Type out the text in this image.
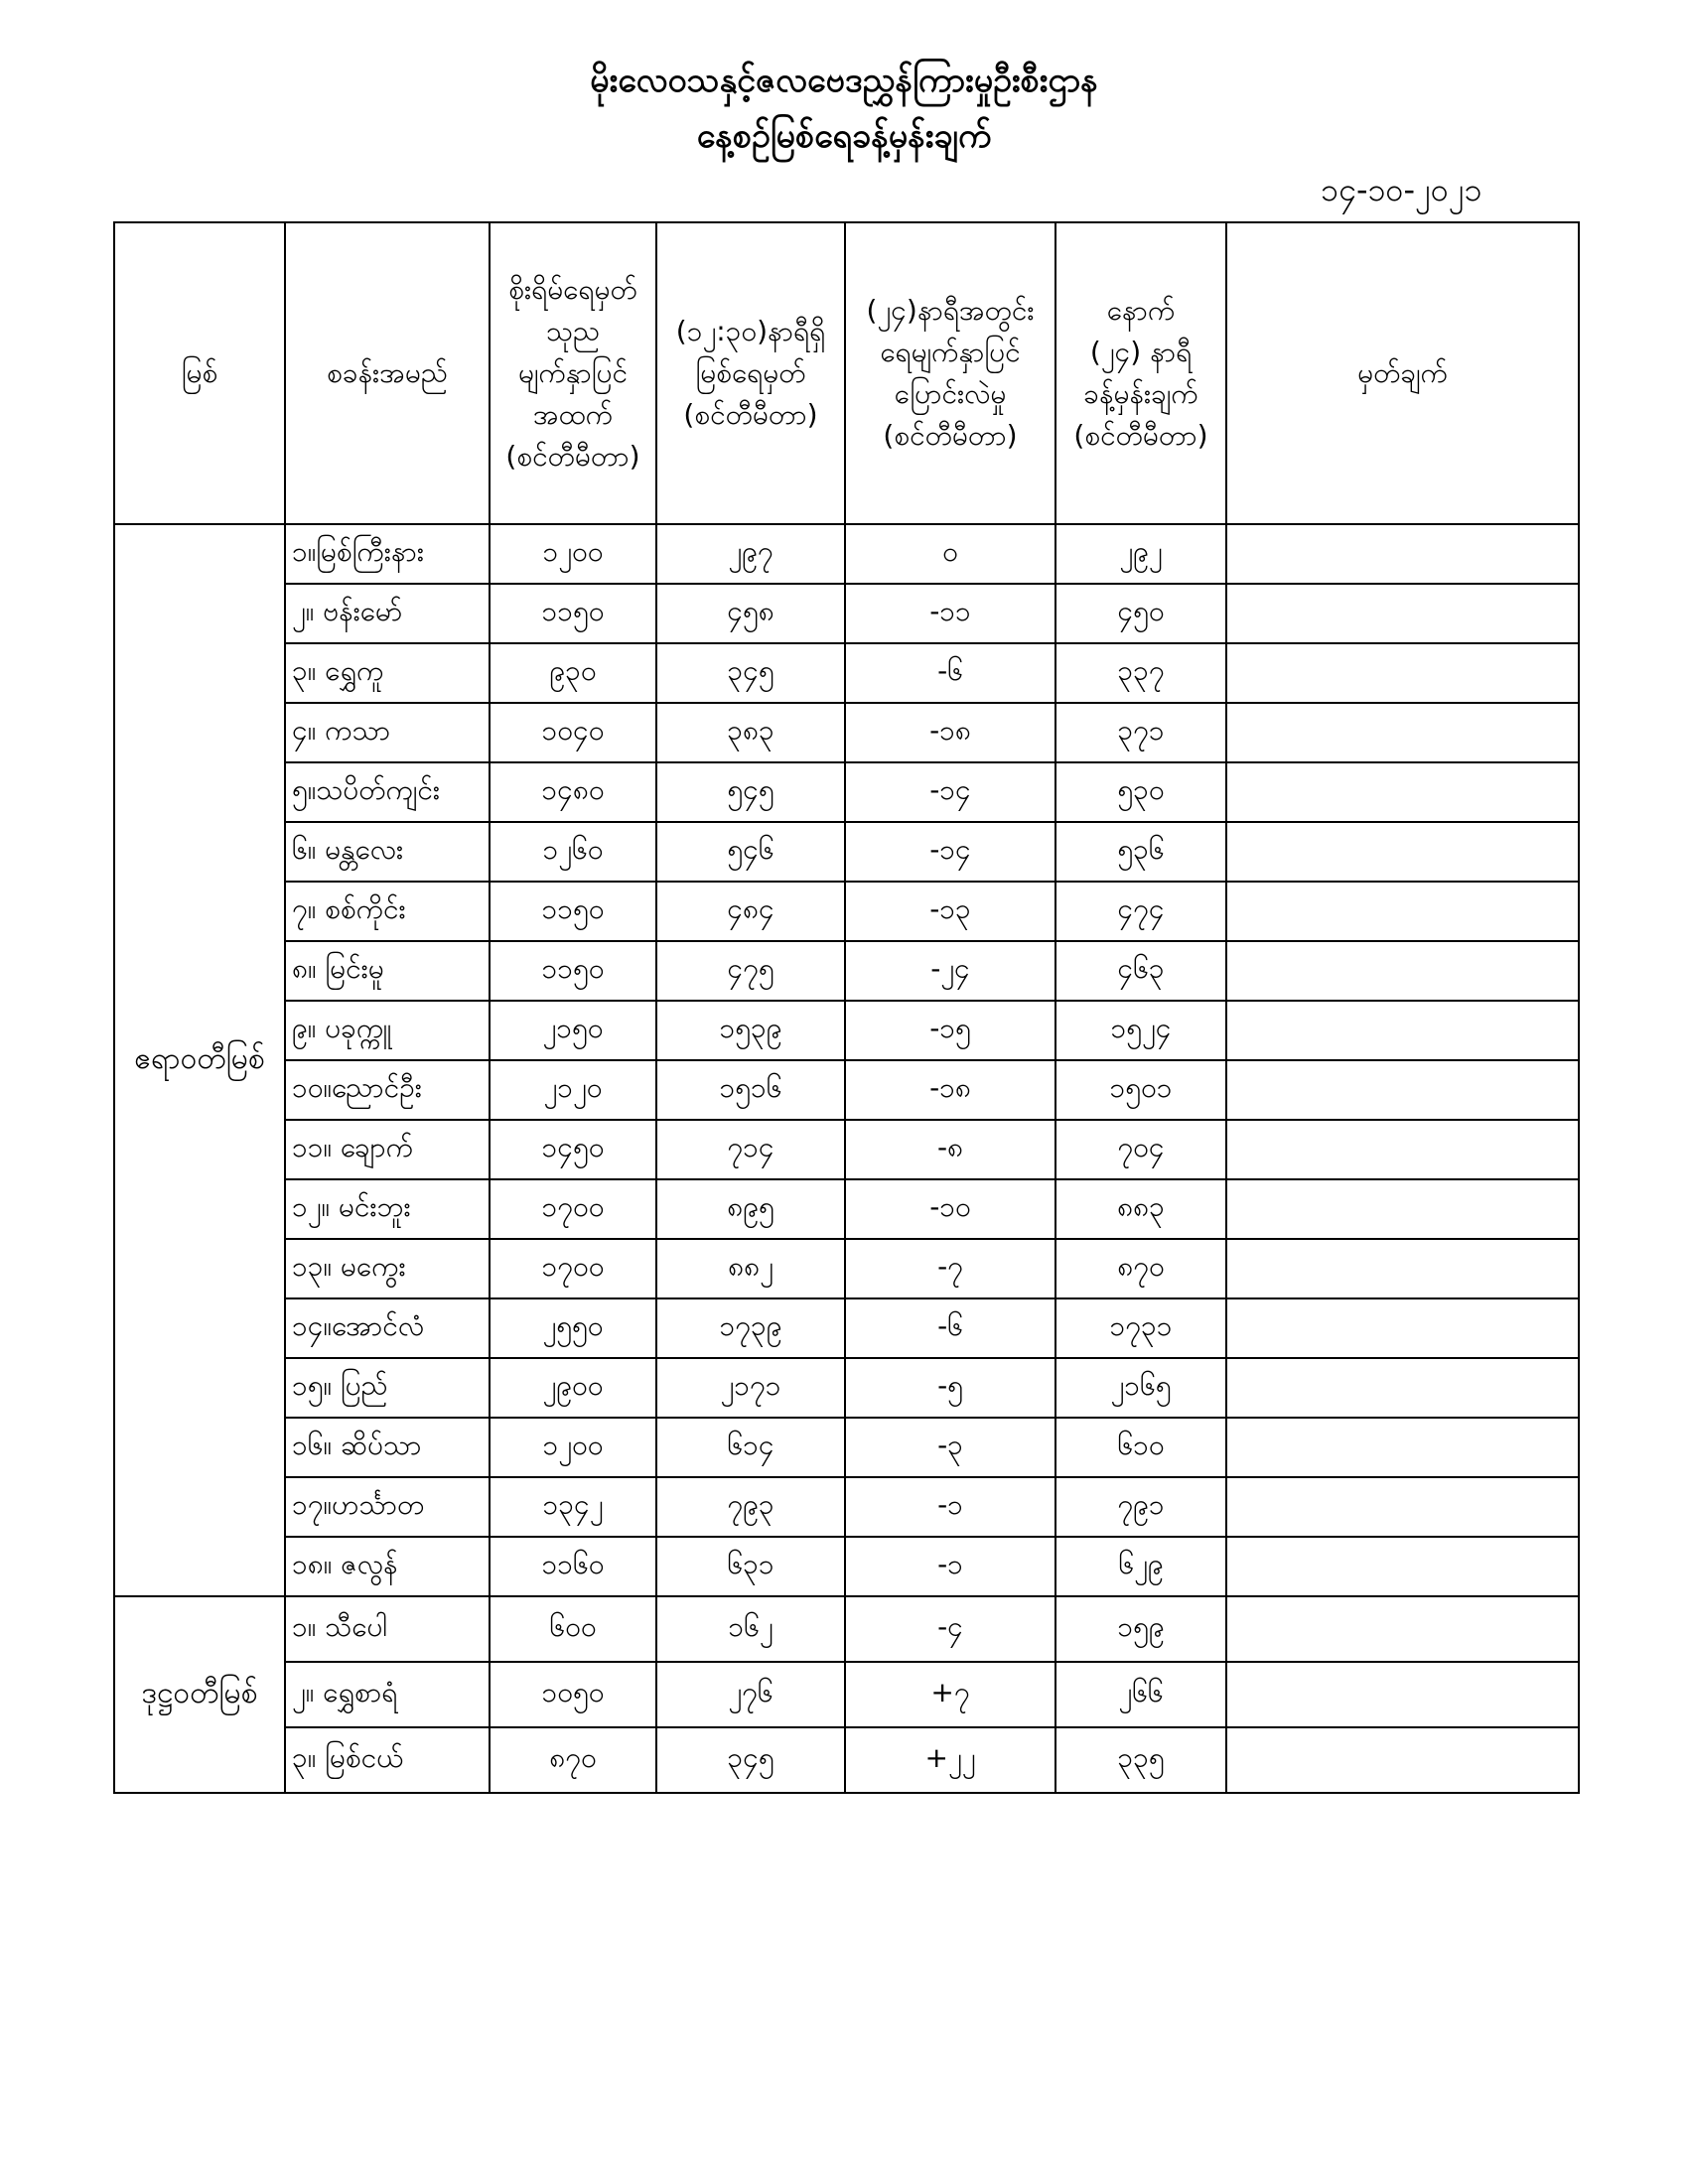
မိုးလေဝသနှင့်ဇလဗေဒညွှန်ကြားမှုဦးစီးဌာန
နေ့စဉ်မြစ်ရေခန့်မှန်းချက်
၁၄-၁၀-၂၀၂၁
မြစ်	စခန်းအမည်	စိုးရိမ်ရေမှတ်
သုညမျက်နှာပြင်
အထက်
(စင်တီမီတာ)	(၁၂:၃၀)နာရီရှိ
မြစ်ရေမှတ်
(စင်တီမီတာ)	(၂၄)နာရီအတွင်း
ရေမျက်နှာပြင်
ပြောင်းလဲမှု
(စင်တီမီတာ)	နောက်
(၂၄) နာရီ
ခန့်မှန်းချက်
(စင်တီမီတာ)	မှတ်ချက်
ဧရာဝတီမြစ်	၁။မြစ်ကြီးနား	၁၂၀၀	၂၉၇	၀	၂၉၂	
	၂။ ဗန်းမော်	၁၁၅၀	၄၅၈	-၁၁	၄၅၀	
	၃။ ရွှေကူ	၉၃၀	၃၄၅	-၆	၃၃၇	
	၄။ ကသာ	၁၀၄၀	၃၈၃	-၁၈	၃၇၁	
	၅။သပိတ်ကျင်း	၁၄၈၀	၅၄၅	-၁၄	၅၃၀	
	၆။ မန္တလေး	၁၂၆၀	၅၄၆	-၁၄	၅၃၆	
	၇။ စစ်ကိုင်း	၁၁၅၀	၄၈၄	-၁၃	၄၇၄	
	၈။ မြင်းမူ	၁၁၅၀	၄၇၅	-၂၄	၄၆၃	
	၉။ ပခုက္ကူ	၂၁၅၀	၁၅၃၉	-၁၅	၁၅၂၄	
	၁၀။ညောင်ဦး	၂၁၂၀	၁၅၁၆	-၁၈	၁၅၀၁	
	၁၁။ ချောက်	၁၄၅၀	၇၁၄	-၈	၇၀၄	
	၁၂။ မင်းဘူး	၁၇၀၀	၈၉၅	-၁၀	၈၈၃	
	၁၃။ မကွေး	၁၇၀၀	၈၈၂	-၇	၈၇၀	
	၁၄။အောင်လံ	၂၅၅၀	၁၇၃၉	-၆	၁၇၃၁	
	၁၅။ ပြည်	၂၉၀၀	၂၁၇၁	-၅	၂၁၆၅	
	၁၆။ ဆိပ်သာ	၁၂၀၀	၆၁၄	-၃	၆၁၀	
	၁၇။ဟင်္သာတ	၁၃၄၂	၇၉၃	-၁	၇၉၁	
	၁၈။ ဇလွန်	၁၁၆၀	၆၃၁	-၁	၆၂၉	
ဒုဋ္ဌဝတီမြစ်	၁။ သီပေါ	၆၀၀	၁၆၂	-၄	၁၅၉	
	၂။ ရွှေစာရံ	၁၀၅၀	၂၇၆	+၇	၂၆၆	
	၃။ မြစ်ငယ်	၈၇၀	၃၄၅	+၂၂	၃၃၅	
